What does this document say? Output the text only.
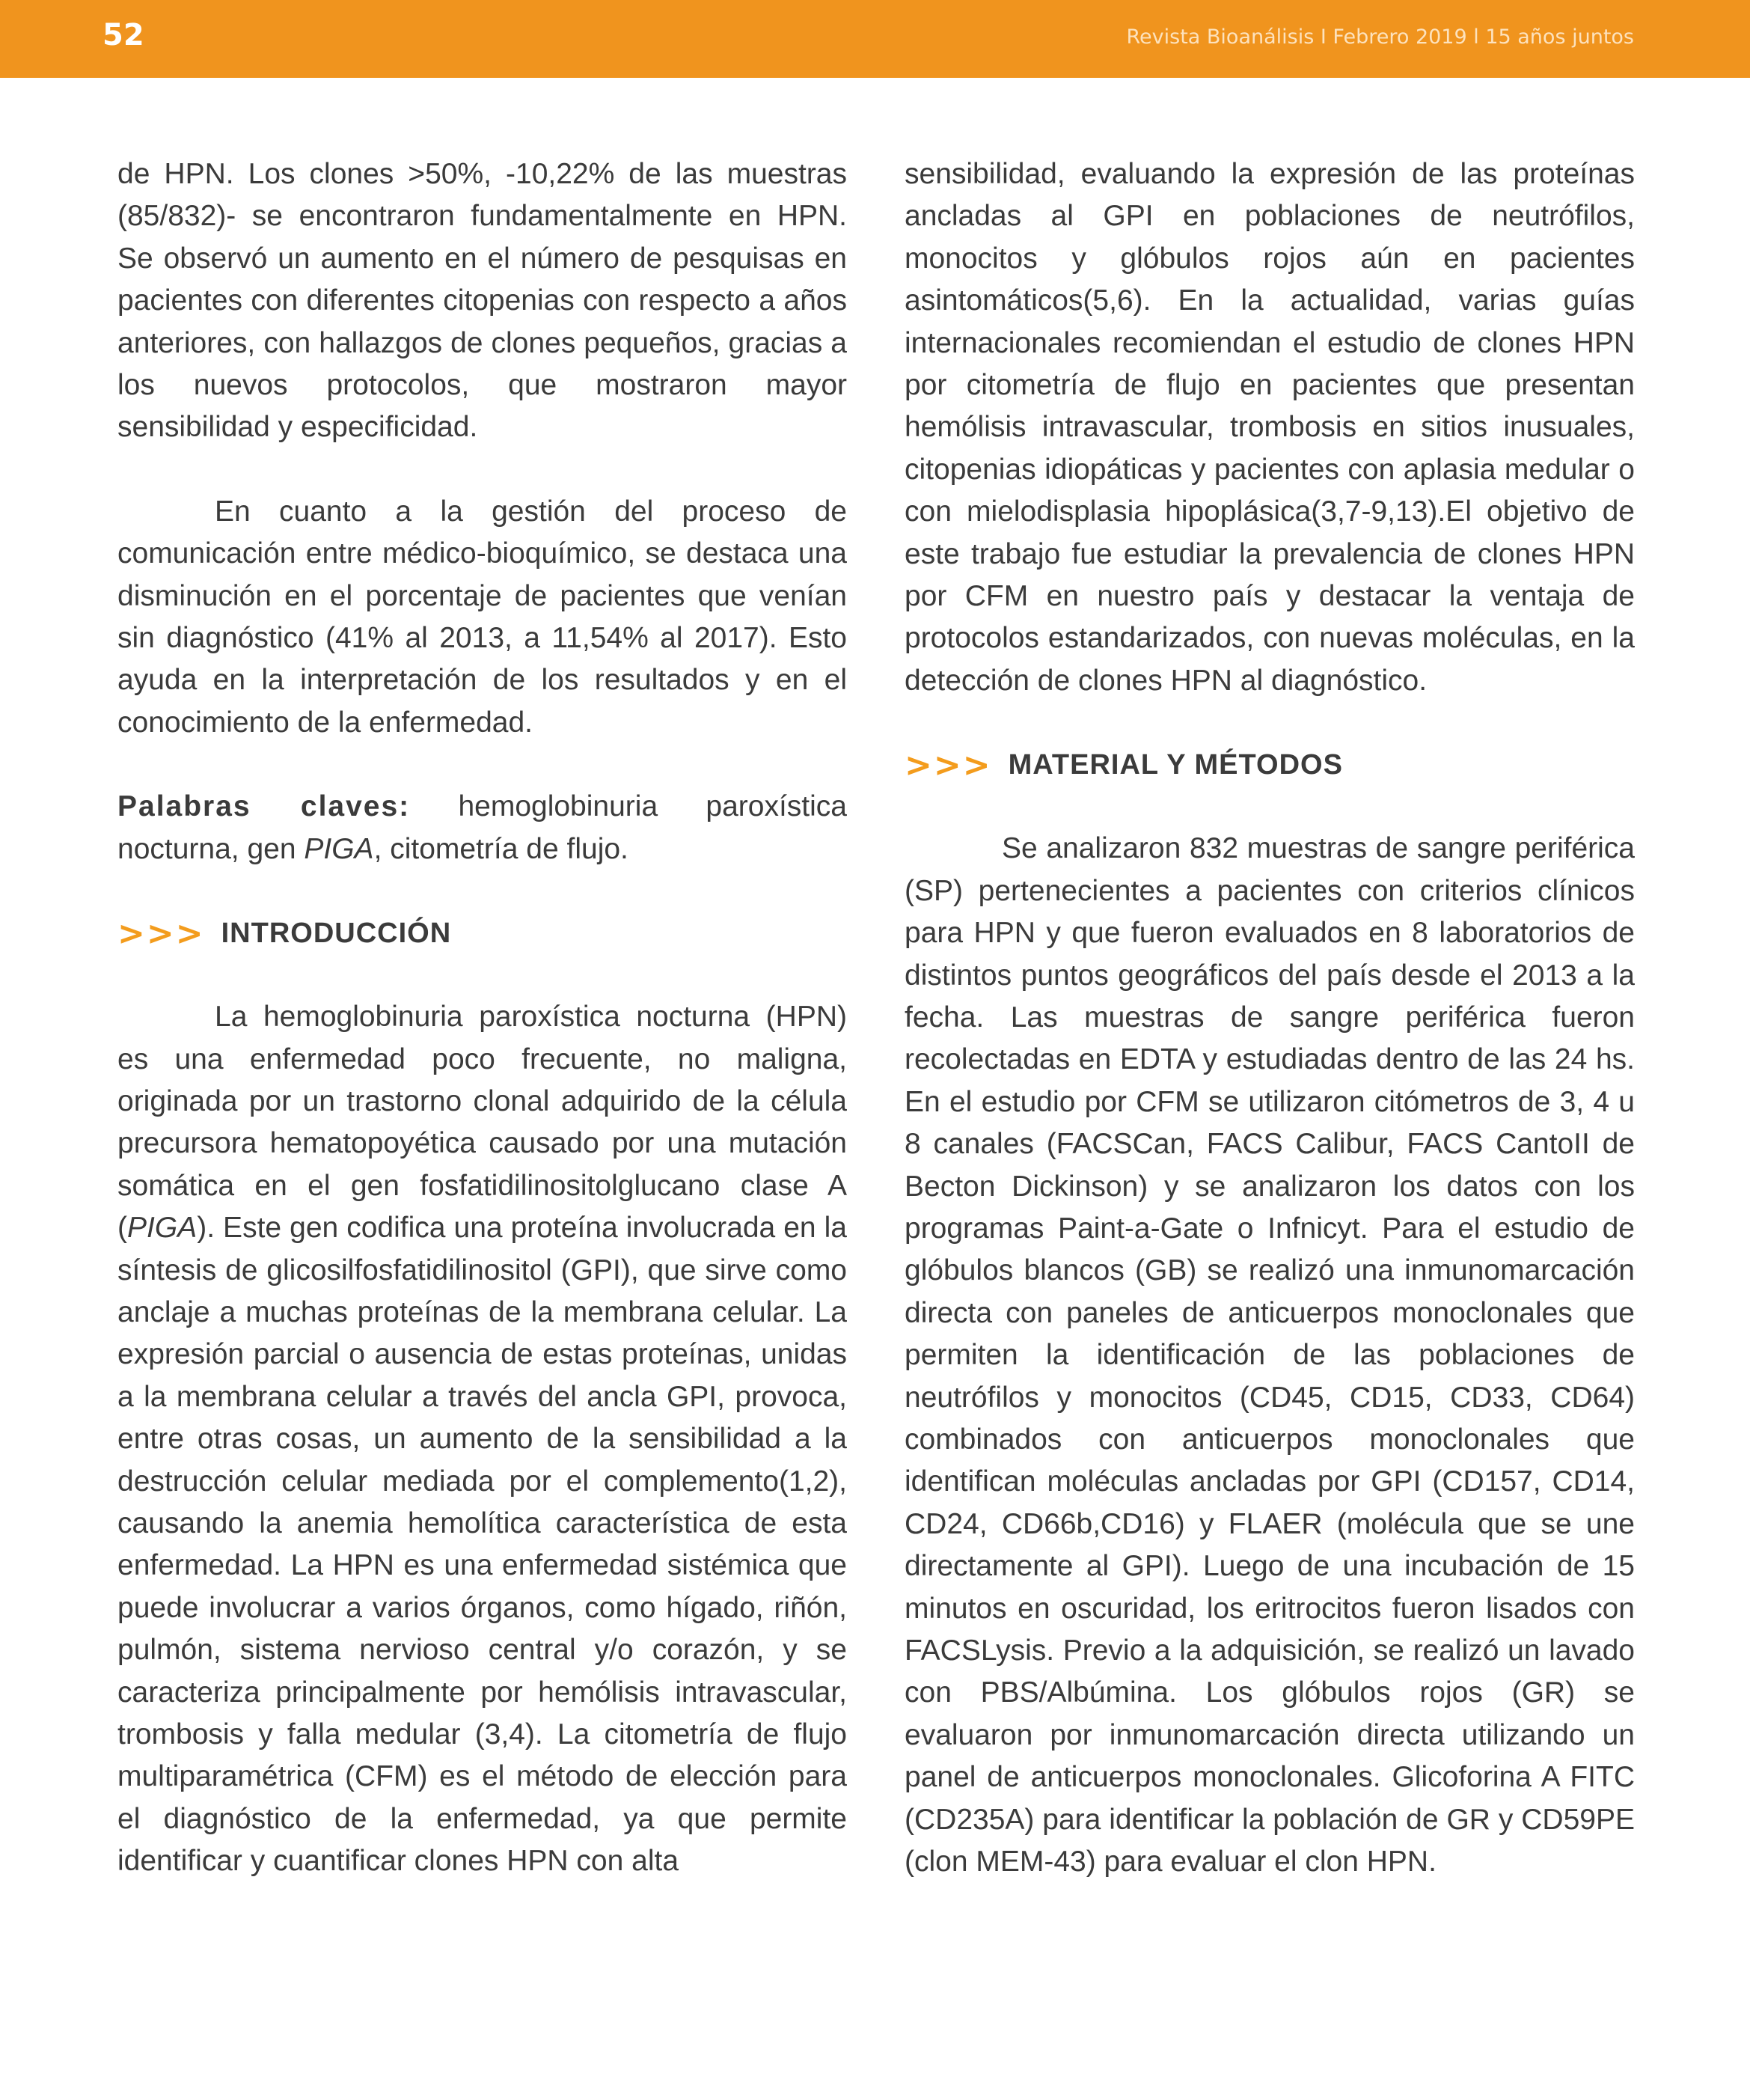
52	Revista Bioanálisis I Febrero 2019 l 15 años juntos

de HPN. Los clones >50%, -10,22% de las muestras (85/832)- se encontraron fundamentalmente en HPN. Se observó un aumento en el número de pesquisas en pacientes con diferentes citopenias con respecto a años anteriores, con hallazgos de clones pequeños, gracias a los nuevos protocolos, que mostraron mayor sensibilidad y especificidad.

En cuanto a la gestión del proceso de comunicación entre médico-bioquímico, se destaca una disminución en el porcentaje de pacientes que venían sin diagnóstico (41% al 2013, a 11,54% al 2017). Esto ayuda en la interpretación de los resultados y en el conocimiento de la enfermedad.

Palabras claves: hemoglobinuria paroxística nocturna, gen PIGA, citometría de flujo.

>>> INTRODUCCIÓN

La hemoglobinuria paroxística nocturna (HPN) es una enfermedad poco frecuente, no maligna, originada por un trastorno clonal adquirido de la célula precursora hematopoyética causado por una mutación somática en el gen fosfatidilinositolglucano clase A (PIGA). Este gen codifica una proteína involucrada en la síntesis de glicosilfosfatidilinositol (GPI), que sirve como anclaje a muchas proteínas de la membrana celular. La expresión parcial o ausencia de estas proteínas, unidas a la membrana celular a través del ancla GPI, provoca, entre otras cosas, un aumento de la sensibilidad a la destrucción celular mediada por el complemento(1,2), causando la anemia hemolítica característica de esta enfermedad. La HPN es una enfermedad sistémica que puede involucrar a varios órganos, como hígado, riñón, pulmón, sistema nervioso central y/o corazón, y se caracteriza principalmente por hemólisis intravascular, trombosis y falla medular (3,4). La citometría de flujo multiparamétrica (CFM) es el método de elección para el diagnóstico de la enfermedad, ya que permite identificar y cuantificar clones HPN con alta

sensibilidad, evaluando la expresión de las proteínas ancladas al GPI en poblaciones de neutrófilos, monocitos y glóbulos rojos aún en pacientes asintomáticos(5,6). En la actualidad, varias guías internacionales recomiendan el estudio de clones HPN por citometría de flujo en pacientes que presentan hemólisis intravascular, trombosis en sitios inusuales, citopenias idiopáticas y pacientes con aplasia medular o con mielodisplasia hipoplásica(3,7-9,13).El objetivo de este trabajo fue estudiar la prevalencia de clones HPN por CFM en nuestro país y destacar la ventaja de protocolos estandarizados, con nuevas moléculas, en la detección de clones HPN al diagnóstico.

>>> MATERIAL Y MÉTODOS

Se analizaron 832 muestras de sangre periférica (SP) pertenecientes a pacientes con criterios clínicos para HPN y que fueron evaluados en 8 laboratorios de distintos puntos geográficos del país desde el 2013 a la fecha. Las muestras de sangre periférica fueron recolectadas en EDTA y estudiadas dentro de las 24 hs. En el estudio por CFM se utilizaron citómetros de 3, 4 u 8 canales (FACSCan, FACS Calibur, FACS CantoII de Becton Dickinson) y se analizaron los datos con los programas Paint-a-Gate o Infnicyt. Para el estudio de glóbulos blancos (GB) se realizó una inmunomarcación directa con paneles de anticuerpos monoclonales que permiten la identificación de las poblaciones de neutrófilos y monocitos (CD45, CD15, CD33, CD64) combinados con anticuerpos monoclonales que identifican moléculas ancladas por GPI (CD157, CD14, CD24, CD66b,CD16) y FLAER (molécula que se une directamente al GPI). Luego de una incubación de 15 minutos en oscuridad, los eritrocitos fueron lisados con FACSLysis. Previo a la adquisición, se realizó un lavado con PBS/Albúmina. Los glóbulos rojos (GR) se evaluaron por inmunomarcación directa utilizando un panel de anticuerpos monoclonales. Glicoforina A FITC (CD235A) para identificar la población de GR y CD59PE (clon MEM-43) para evaluar el clon HPN.
